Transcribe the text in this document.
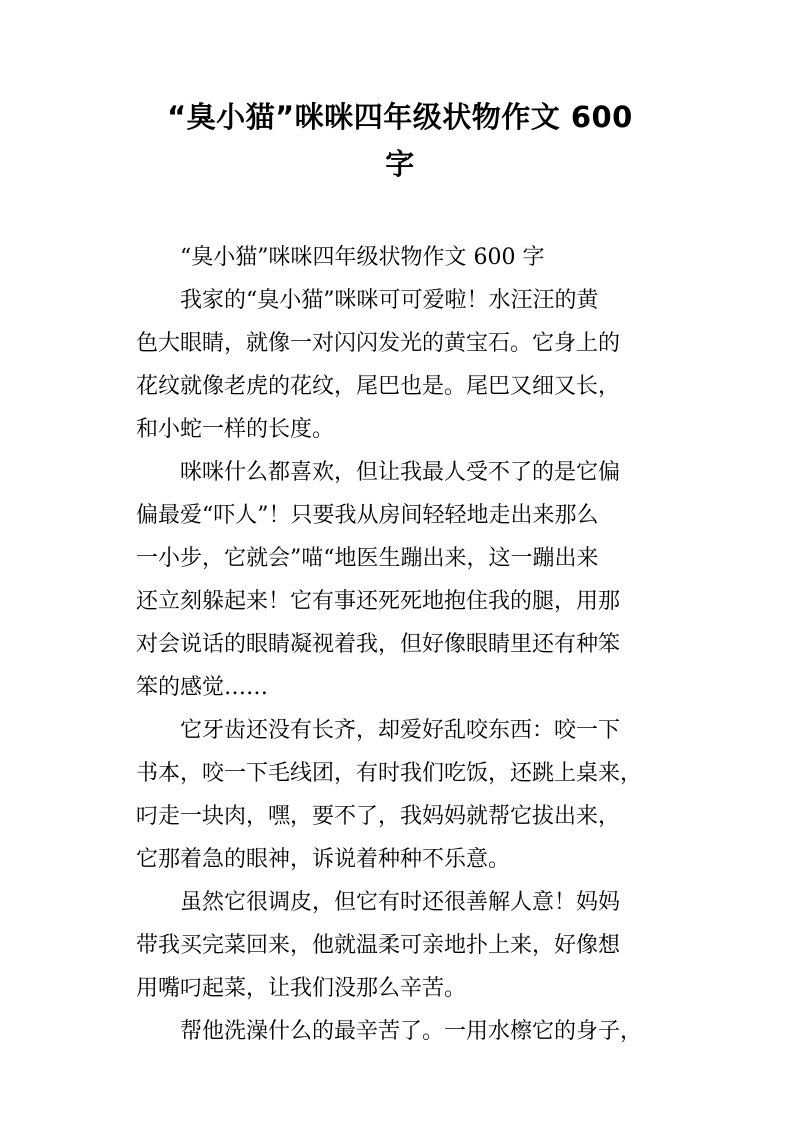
“臭小猫”咪咪四年级状物作文 600
字

“臭小猫”咪咪四年级状物作文 600 字

我家的“臭小猫”咪咪可可爱啦！水汪汪的黄
色大眼睛，就像一对闪闪发光的黄宝石。它身上的
花纹就像老虎的花纹，尾巴也是。尾巴又细又长，
和小蛇一样的长度。

咪咪什么都喜欢，但让我最人受不了的是它偏
偏最爱“吓人”！只要我从房间轻轻地走出来那么
一小步，它就会”喵“地医生蹦出来，这一蹦出来
还立刻躲起来！它有事还死死地抱住我的腿，用那
对会说话的眼睛凝视着我，但好像眼睛里还有种笨
笨的感觉……

它牙齿还没有长齐，却爱好乱咬东西：咬一下
书本，咬一下毛线团，有时我们吃饭，还跳上桌来，
叼走一块肉，嘿，要不了，我妈妈就帮它拔出来，
它那着急的眼神，诉说着种种不乐意。

虽然它很调皮，但它有时还很善解人意！妈妈
带我买完菜回来，他就温柔可亲地扑上来，好像想
用嘴叼起菜，让我们没那么辛苦。

帮他洗澡什么的最辛苦了。一用水檫它的身子，
